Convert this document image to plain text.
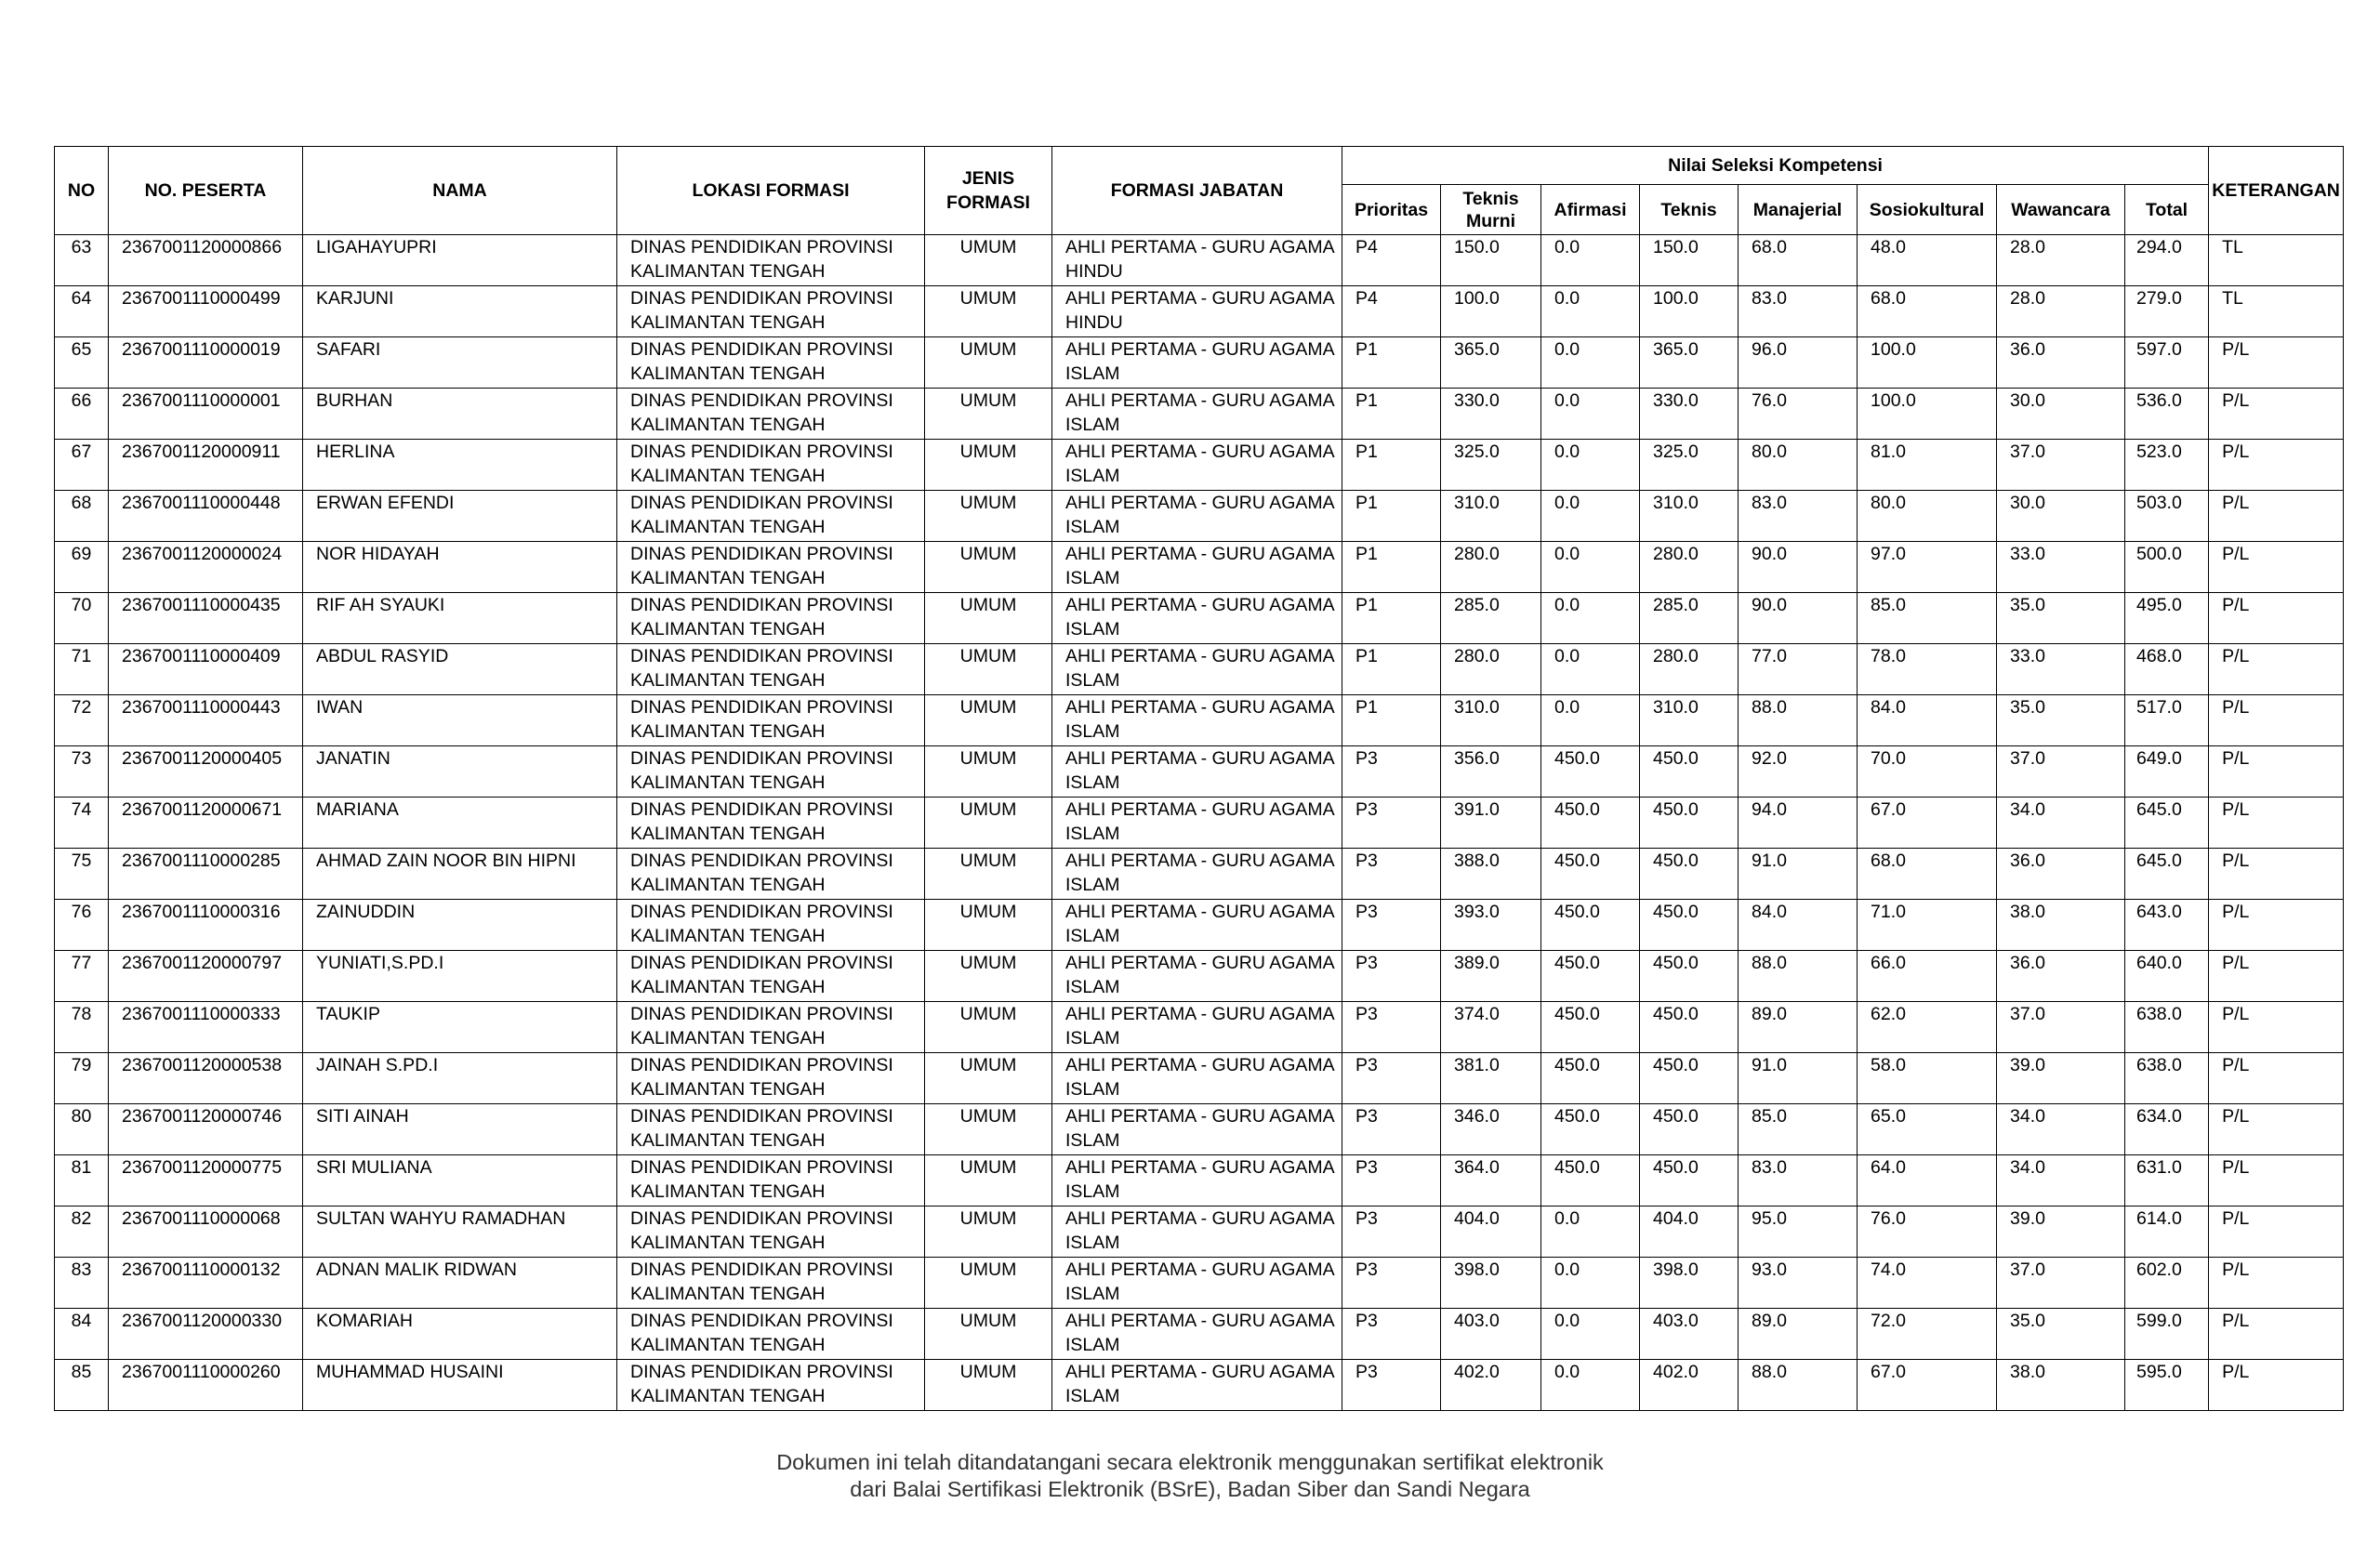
NO	NO. PESERTA	NAMA	LOKASI FORMASI	JENIS FORMASI	FORMASI JABATAN	Nilai Seleksi Kompetensi								KETERANGAN
						Prioritas	Teknis Murni	Afirmasi	Teknis	Manajerial	Sosiokultural	Wawancara	Total	
63	2367001120000866	LIGAHAYUPRI	DINAS PENDIDIKAN PROVINSI KALIMANTAN TENGAH	UMUM	AHLI PERTAMA - GURU AGAMA HINDU	P4	150.0	0.0	150.0	68.0	48.0	28.0	294.0	TL
64	2367001110000499	KARJUNI	DINAS PENDIDIKAN PROVINSI KALIMANTAN TENGAH	UMUM	AHLI PERTAMA - GURU AGAMA HINDU	P4	100.0	0.0	100.0	83.0	68.0	28.0	279.0	TL
65	2367001110000019	SAFARI	DINAS PENDIDIKAN PROVINSI KALIMANTAN TENGAH	UMUM	AHLI PERTAMA - GURU AGAMA ISLAM	P1	365.0	0.0	365.0	96.0	100.0	36.0	597.0	P/L
66	2367001110000001	BURHAN	DINAS PENDIDIKAN PROVINSI KALIMANTAN TENGAH	UMUM	AHLI PERTAMA - GURU AGAMA ISLAM	P1	330.0	0.0	330.0	76.0	100.0	30.0	536.0	P/L
67	2367001120000911	HERLINA	DINAS PENDIDIKAN PROVINSI KALIMANTAN TENGAH	UMUM	AHLI PERTAMA - GURU AGAMA ISLAM	P1	325.0	0.0	325.0	80.0	81.0	37.0	523.0	P/L
68	2367001110000448	ERWAN EFENDI	DINAS PENDIDIKAN PROVINSI KALIMANTAN TENGAH	UMUM	AHLI PERTAMA - GURU AGAMA ISLAM	P1	310.0	0.0	310.0	83.0	80.0	30.0	503.0	P/L
69	2367001120000024	NOR HIDAYAH	DINAS PENDIDIKAN PROVINSI KALIMANTAN TENGAH	UMUM	AHLI PERTAMA - GURU AGAMA ISLAM	P1	280.0	0.0	280.0	90.0	97.0	33.0	500.0	P/L
70	2367001110000435	RIF AH SYAUKI	DINAS PENDIDIKAN PROVINSI KALIMANTAN TENGAH	UMUM	AHLI PERTAMA - GURU AGAMA ISLAM	P1	285.0	0.0	285.0	90.0	85.0	35.0	495.0	P/L
71	2367001110000409	ABDUL RASYID	DINAS PENDIDIKAN PROVINSI KALIMANTAN TENGAH	UMUM	AHLI PERTAMA - GURU AGAMA ISLAM	P1	280.0	0.0	280.0	77.0	78.0	33.0	468.0	P/L
72	2367001110000443	IWAN	DINAS PENDIDIKAN PROVINSI KALIMANTAN TENGAH	UMUM	AHLI PERTAMA - GURU AGAMA ISLAM	P1	310.0	0.0	310.0	88.0	84.0	35.0	517.0	P/L
73	2367001120000405	JANATIN	DINAS PENDIDIKAN PROVINSI KALIMANTAN TENGAH	UMUM	AHLI PERTAMA - GURU AGAMA ISLAM	P3	356.0	450.0	450.0	92.0	70.0	37.0	649.0	P/L
74	2367001120000671	MARIANA	DINAS PENDIDIKAN PROVINSI KALIMANTAN TENGAH	UMUM	AHLI PERTAMA - GURU AGAMA ISLAM	P3	391.0	450.0	450.0	94.0	67.0	34.0	645.0	P/L
75	2367001110000285	AHMAD ZAIN NOOR BIN HIPNI	DINAS PENDIDIKAN PROVINSI KALIMANTAN TENGAH	UMUM	AHLI PERTAMA - GURU AGAMA ISLAM	P3	388.0	450.0	450.0	91.0	68.0	36.0	645.0	P/L
76	2367001110000316	ZAINUDDIN	DINAS PENDIDIKAN PROVINSI KALIMANTAN TENGAH	UMUM	AHLI PERTAMA - GURU AGAMA ISLAM	P3	393.0	450.0	450.0	84.0	71.0	38.0	643.0	P/L
77	2367001120000797	YUNIATI,S.PD.I	DINAS PENDIDIKAN PROVINSI KALIMANTAN TENGAH	UMUM	AHLI PERTAMA - GURU AGAMA ISLAM	P3	389.0	450.0	450.0	88.0	66.0	36.0	640.0	P/L
78	2367001110000333	TAUKIP	DINAS PENDIDIKAN PROVINSI KALIMANTAN TENGAH	UMUM	AHLI PERTAMA - GURU AGAMA ISLAM	P3	374.0	450.0	450.0	89.0	62.0	37.0	638.0	P/L
79	2367001120000538	JAINAH S.PD.I	DINAS PENDIDIKAN PROVINSI KALIMANTAN TENGAH	UMUM	AHLI PERTAMA - GURU AGAMA ISLAM	P3	381.0	450.0	450.0	91.0	58.0	39.0	638.0	P/L
80	2367001120000746	SITI AINAH	DINAS PENDIDIKAN PROVINSI KALIMANTAN TENGAH	UMUM	AHLI PERTAMA - GURU AGAMA ISLAM	P3	346.0	450.0	450.0	85.0	65.0	34.0	634.0	P/L
81	2367001120000775	SRI MULIANA	DINAS PENDIDIKAN PROVINSI KALIMANTAN TENGAH	UMUM	AHLI PERTAMA - GURU AGAMA ISLAM	P3	364.0	450.0	450.0	83.0	64.0	34.0	631.0	P/L
82	2367001110000068	SULTAN WAHYU RAMADHAN	DINAS PENDIDIKAN PROVINSI KALIMANTAN TENGAH	UMUM	AHLI PERTAMA - GURU AGAMA ISLAM	P3	404.0	0.0	404.0	95.0	76.0	39.0	614.0	P/L
83	2367001110000132	ADNAN MALIK RIDWAN	DINAS PENDIDIKAN PROVINSI KALIMANTAN TENGAH	UMUM	AHLI PERTAMA - GURU AGAMA ISLAM	P3	398.0	0.0	398.0	93.0	74.0	37.0	602.0	P/L
84	2367001120000330	KOMARIAH	DINAS PENDIDIKAN PROVINSI KALIMANTAN TENGAH	UMUM	AHLI PERTAMA - GURU AGAMA ISLAM	P3	403.0	0.0	403.0	89.0	72.0	35.0	599.0	P/L
85	2367001110000260	MUHAMMAD HUSAINI	DINAS PENDIDIKAN PROVINSI KALIMANTAN TENGAH	UMUM	AHLI PERTAMA - GURU AGAMA ISLAM	P3	402.0	0.0	402.0	88.0	67.0	38.0	595.0	P/L
Dokumen ini telah ditandatangani secara elektronik menggunakan sertifikat elektronik
dari Balai Sertifikasi Elektronik (BSrE), Badan Siber dan Sandi Negara
